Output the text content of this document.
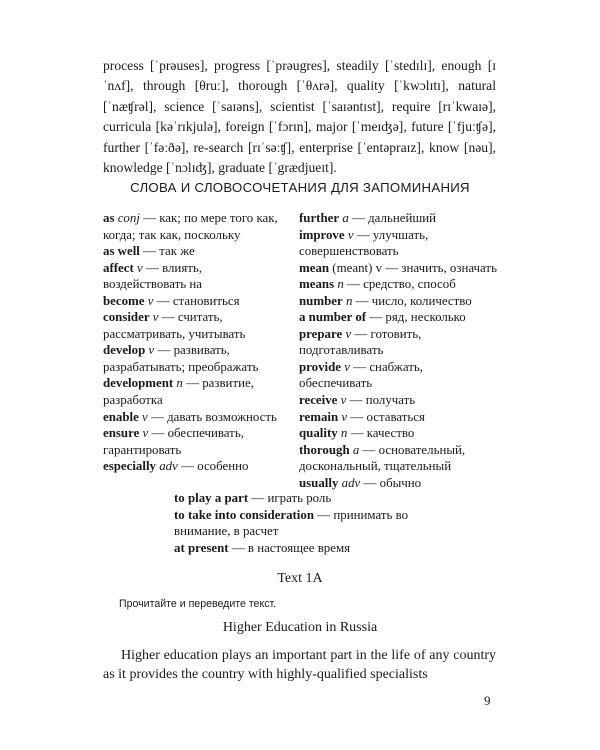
process [ˈprəuses], progress [ˈprəugres], steadily [ˈstedɪlɪ], enough [ɪˈnʌf], through [θruː], thorough [ˈθʌrə], quality [ˈkwɔlɪtɪ], natural [ˈnæʧrəl], science [ˈsaɪəns], scientist [ˈsaɪəntɪst], require [rɪˈkwaɪə], curricula [kəˈrɪkjulə], foreign [ˈfɔrɪn], major [ˈmeɪʤə], future [ˈfjuːʧə], further [ˈfəːðə], re-search [rɪˈsəːʧ], enterprise [ˈentəpraɪz], know [nəu], knowledge [ˈnɔlɪʤ], graduate [ˈgrædjueɪt].
СЛОВА И СЛОВОСОЧЕТАНИЯ ДЛЯ ЗАПОМИНАНИЯ
as conj — как; по мере того как, когда; так как, поскольку
as well — так же
affect v — влиять, воздействовать на
become v — становиться
consider v — считать, рассматривать, учитывать
develop v — развивать, разрабатывать; преображать
development n — развитие, разработка
enable v — давать возможность
ensure v — обеспечивать, гарантировать
especially adv — особенно
further a — дальнейший
improve v — улучшать, совершенствовать
mean (meant) v — значить, означать
means n — средство, способ
number n — число, количество
a number of — ряд, несколько
prepare v — готовить, подготавливать
provide v — снабжать, обеспечивать
receive v — получать
remain v — оставаться
quality n — качество
thorough a — основательный, доскональный, тщательный
usually adv — обычно
to play a part — играть роль
to take into consideration — принимать во внимание, в расчет
at present — в настоящее время
Text 1A
Прочитайте и переведите текст.
Higher Education in Russia
Higher education plays an important part in the life of any country as it provides the country with highly-qualified specialists
9
